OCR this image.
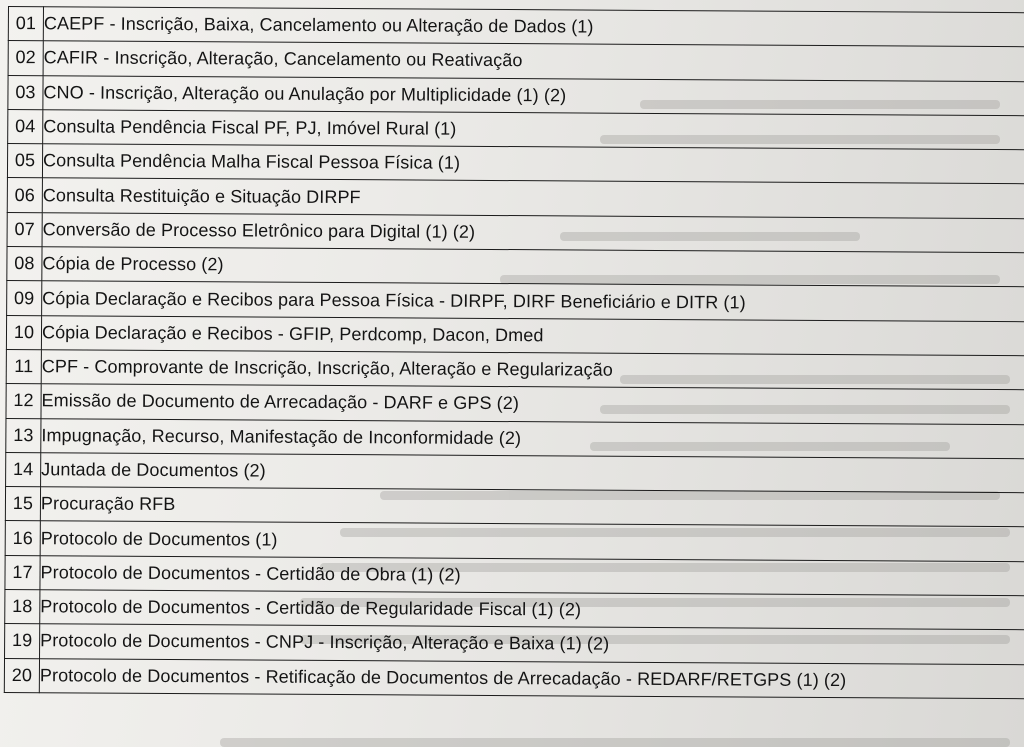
01	CAEPF - Inscrição, Baixa, Cancelamento ou Alteração de Dados (1)
02	CAFIR - Inscrição, Alteração, Cancelamento ou Reativação
03	CNO - Inscrição, Alteração ou Anulação por Multiplicidade (1) (2)
04	Consulta Pendência Fiscal PF, PJ, Imóvel Rural (1)
05	Consulta Pendência Malha Fiscal Pessoa Física (1)
06	Consulta Restituição e Situação DIRPF
07	Conversão de Processo Eletrônico para Digital (1) (2)
08	Cópia de Processo (2)
09	Cópia Declaração e Recibos para Pessoa Física - DIRPF, DIRF Beneficiário e DITR (1)
10	Cópia Declaração e Recibos - GFIP, Perdcomp, Dacon, Dmed
11	CPF - Comprovante de Inscrição, Inscrição, Alteração e Regularização
12	Emissão de Documento de Arrecadação - DARF e GPS (2)
13	Impugnação, Recurso, Manifestação de Inconformidade (2)
14	Juntada de Documentos (2)
15	Procuração RFB
16	Protocolo de Documentos (1)
17	Protocolo de Documentos - Certidão de Obra (1) (2)
18	Protocolo de Documentos - Certidão de Regularidade Fiscal (1) (2)
19	Protocolo de Documentos - CNPJ - Inscrição, Alteração e Baixa (1) (2)
20	Protocolo de Documentos - Retificação de Documentos de Arrecadação - REDARF/RETGPS (1) (2)
